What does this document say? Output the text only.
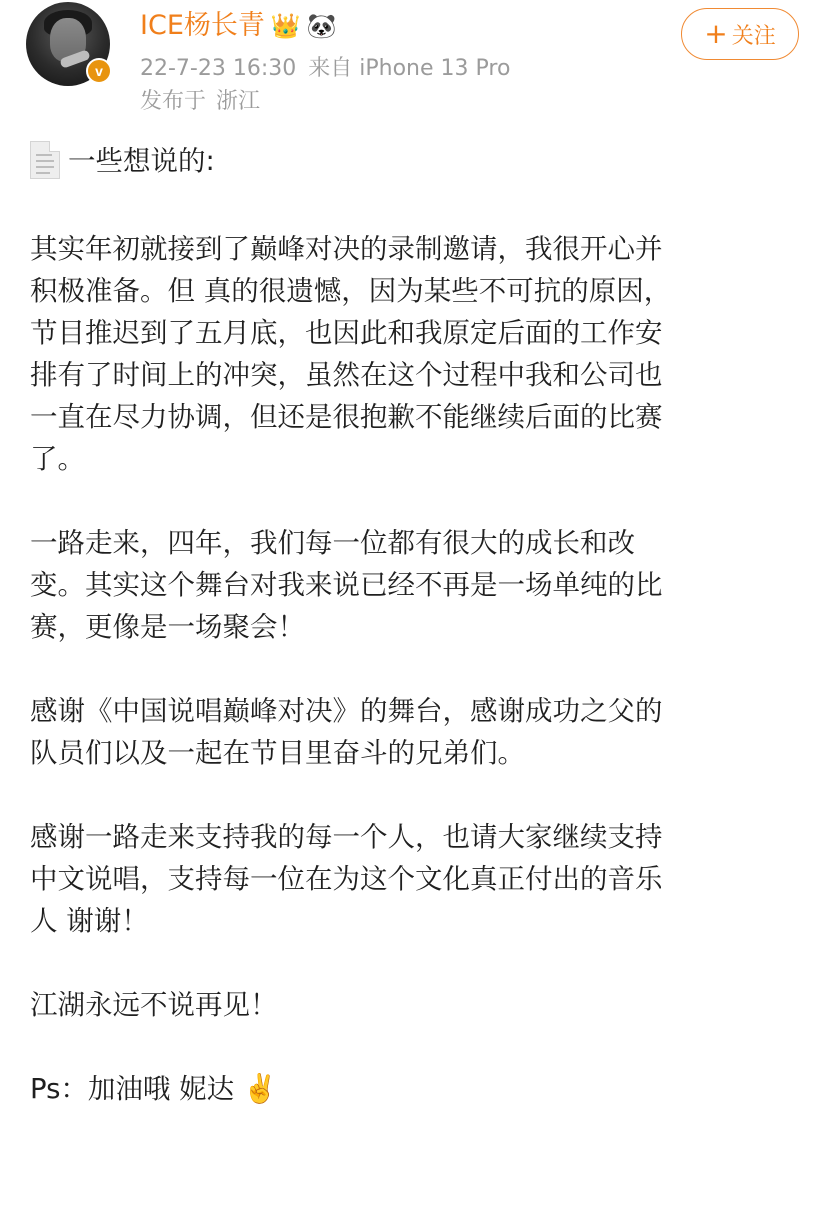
v
ICE杨长青 👑 🐼
22-7-23 16:30 来自 iPhone 13 Pro
发布于 浙江
+ 关注

一些想说的:

其实年初就接到了巅峰对决的录制邀请，我很开心并
积极准备。但 真的很遗憾，因为某些不可抗的原因，
节目推迟到了五月底，也因此和我原定后面的工作安
排有了时间上的冲突，虽然在这个过程中我和公司也
一直在尽力协调，但还是很抱歉不能继续后面的比赛
了。

一路走来，四年，我们每一位都有很大的成长和改
变。其实这个舞台对我来说已经不再是一场单纯的比
赛，更像是一场聚会！

感谢《中国说唱巅峰对决》的舞台，感谢成功之父的
队员们以及一起在节目里奋斗的兄弟们。

感谢一路走来支持我的每一个人，也请大家继续支持
中文说唱，支持每一位在为这个文化真正付出的音乐
人 谢谢！

江湖永远不说再见！

Ps：加油哦 妮达 ✌️
